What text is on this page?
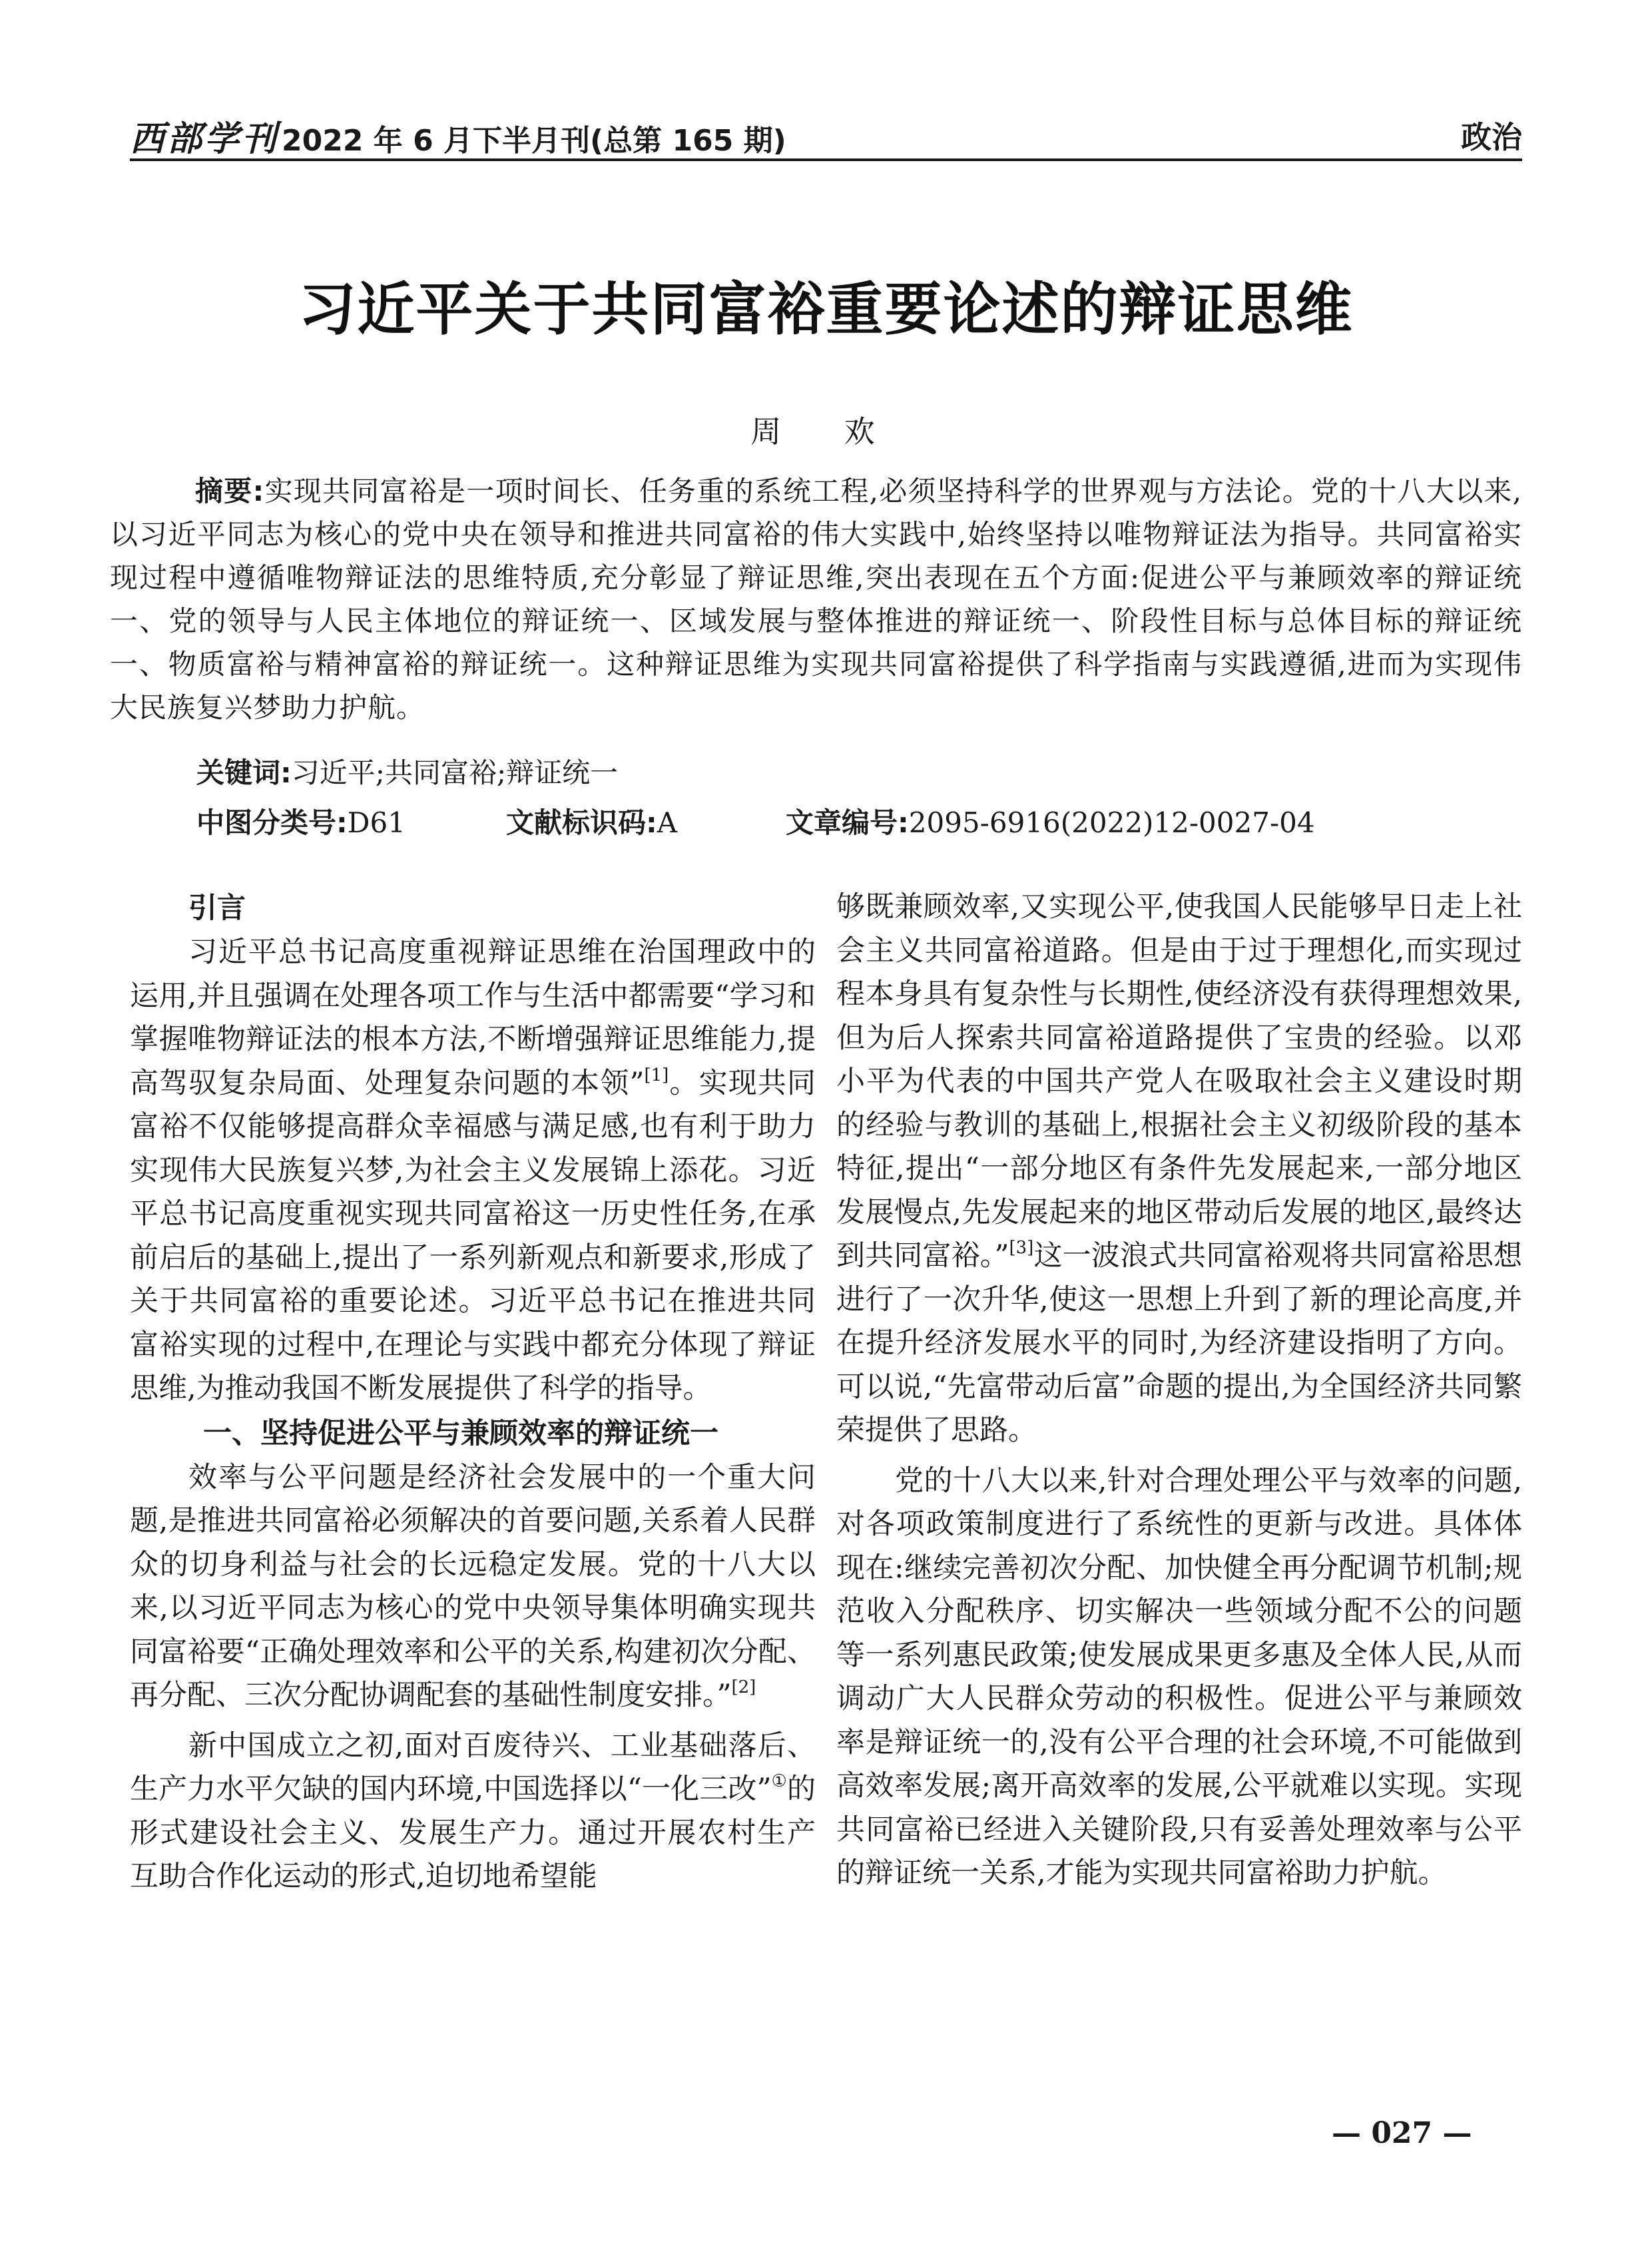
西部学刊 2022 年 6 月下半月刊(总第 165 期)	政治
习近平关于共同富裕重要论述的辩证思维
周 欢
摘要:实现共同富裕是一项时间长、任务重的系统工程,必须坚持科学的世界观与方法论。党的十八大以来,以习近平同志为核心的党中央在领导和推进共同富裕的伟大实践中,始终坚持以唯物辩证法为指导。共同富裕实现过程中遵循唯物辩证法的思维特质,充分彰显了辩证思维,突出表现在五个方面:促进公平与兼顾效率的辩证统一、党的领导与人民主体地位的辩证统一、区域发展与整体推进的辩证统一、阶段性目标与总体目标的辩证统一、物质富裕与精神富裕的辩证统一。这种辩证思维为实现共同富裕提供了科学指南与实践遵循,进而为实现伟大民族复兴梦助力护航。
关键词:习近平;共同富裕;辩证统一
中图分类号:D61	文献标识码:A	文章编号:2095-6916(2022)12-0027-04
引言

习近平总书记高度重视辩证思维在治国理政中的运用,并且强调在处理各项工作与生活中都需要“学习和掌握唯物辩证法的根本方法,不断增强辩证思维能力,提高驾驭复杂局面、处理复杂问题的本领”[1]。实现共同富裕不仅能够提高群众幸福感与满足感,也有利于助力实现伟大民族复兴梦,为社会主义发展锦上添花。习近平总书记高度重视实现共同富裕这一历史性任务,在承前启后的基础上,提出了一系列新观点和新要求,形成了关于共同富裕的重要论述。习近平总书记在推进共同富裕实现的过程中,在理论与实践中都充分体现了辩证思维,为推动我国不断发展提供了科学的指导。

一、坚持促进公平与兼顾效率的辩证统一

效率与公平问题是经济社会发展中的一个重大问题,是推进共同富裕必须解决的首要问题,关系着人民群众的切身利益与社会的长远稳定发展。党的十八大以来,以习近平同志为核心的党中央领导集体明确实现共同富裕要“正确处理效率和公平的关系,构建初次分配、再分配、三次分配协调配套的基础性制度安排。”[2]

新中国成立之初,面对百废待兴、工业基础落后、生产力水平欠缺的国内环境,中国选择以“一化三改”①的形式建设社会主义、发展生产力。通过开展农村生产互助合作化运动的形式,迫切地希望能

够既兼顾效率,又实现公平,使我国人民能够早日走上社会主义共同富裕道路。但是由于过于理想化,而实现过程本身具有复杂性与长期性,使经济没有获得理想效果,但为后人探索共同富裕道路提供了宝贵的经验。以邓小平为代表的中国共产党人在吸取社会主义建设时期的经验与教训的基础上,根据社会主义初级阶段的基本特征,提出“一部分地区有条件先发展起来,一部分地区发展慢点,先发展起来的地区带动后发展的地区,最终达到共同富裕。”[3]这一波浪式共同富裕观将共同富裕思想进行了一次升华,使这一思想上升到了新的理论高度,并在提升经济发展水平的同时,为经济建设指明了方向。可以说,“先富带动后富”命题的提出,为全国经济共同繁荣提供了思路。

党的十八大以来,针对合理处理公平与效率的问题,对各项政策制度进行了系统性的更新与改进。具体体现在:继续完善初次分配、加快健全再分配调节机制;规范收入分配秩序、切实解决一些领域分配不公的问题等一系列惠民政策;使发展成果更多惠及全体人民,从而调动广大人民群众劳动的积极性。促进公平与兼顾效率是辩证统一的,没有公平合理的社会环境,不可能做到高效率发展;离开高效率的发展,公平就难以实现。实现共同富裕已经进入关键阶段,只有妥善处理效率与公平的辩证统一关系,才能为实现共同富裕助力护航。

— 027 —
